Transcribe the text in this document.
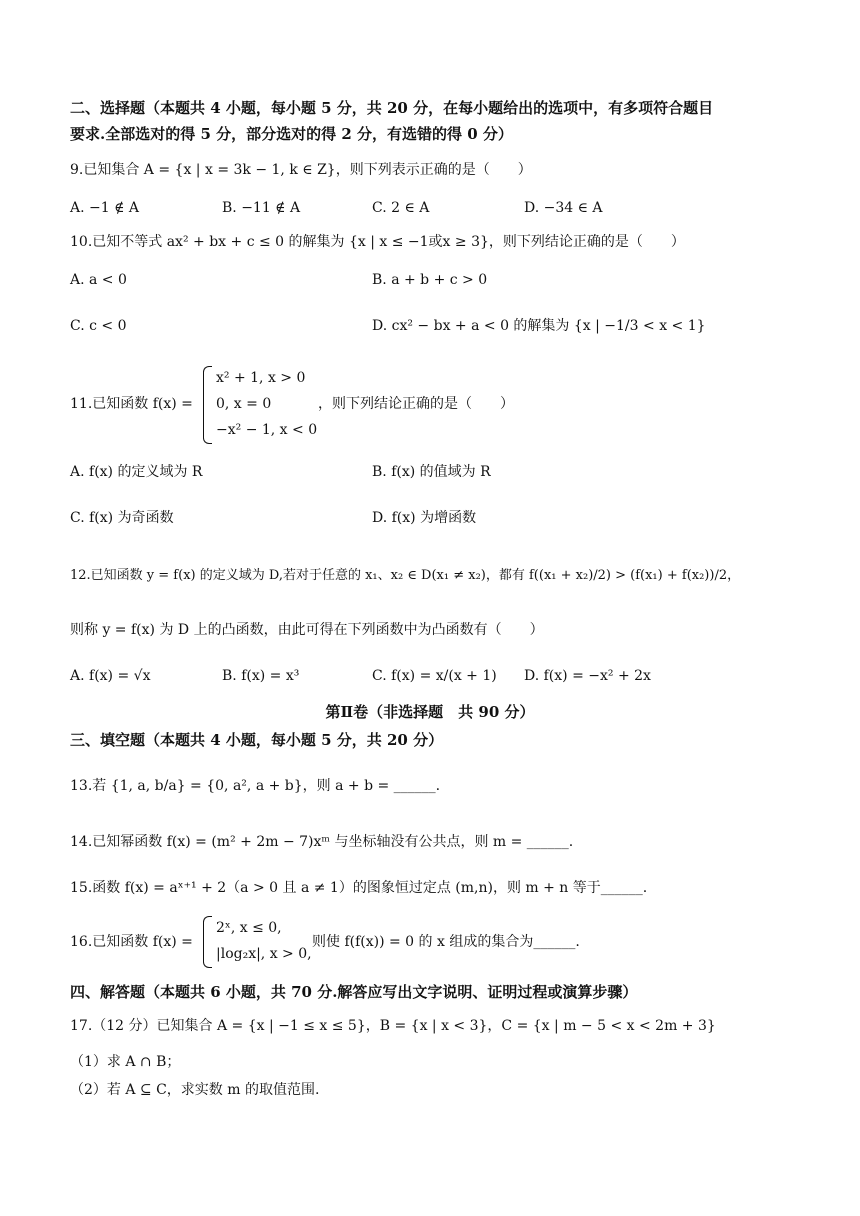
二、选择题（本题共 4 小题，每小题 5 分，共 20 分，在每小题给出的选项中，有多项符合题目
要求.全部选对的得 5 分，部分选对的得 2 分，有选错的得 0 分）
9.已知集合 A = {x | x = 3k − 1, k ∈ Z}，则下列表示正确的是（　　）
A. −1 ∉ A	B. −11 ∉ A	C. 2 ∈ A	D. −34 ∈ A
10.已知不等式 ax² + bx + c ≤ 0 的解集为 {x | x ≤ −1或x ≥ 3}，则下列结论正确的是（　　）
A. a < 0	B. a + b + c > 0
C. c < 0	D. cx² − bx + a < 0 的解集为 {x | −1/3 < x < 1}
11.已知函数 f(x) =
x² + 1, x > 0
0, x = 0
−x² − 1, x < 0
，则下列结论正确的是（　　）
A. f(x) 的定义域为 R	B. f(x) 的值域为 R
C. f(x) 为奇函数	D. f(x) 为增函数
12.已知函数 y = f(x) 的定义域为 D,若对于任意的 x₁、x₂ ∈ D(x₁ ≠ x₂)，都有 f((x₁ + x₂)/2) > (f(x₁) + f(x₂))/2，
则称 y = f(x) 为 D 上的凸函数，由此可得在下列函数中为凸函数有（　　）
A. f(x) = √x	B. f(x) = x³	C. f(x) = x/(x + 1) D. f(x) = −x² + 2x
第Ⅱ卷（非选择题　共 90 分）
三、填空题（本题共 4 小题，每小题 5 分，共 20 分）
13.若 {1, a, b/a} = {0, a², a + b}，则 a + b = ______.
14.已知幂函数 f(x) = (m² + 2m − 7)xᵐ 与坐标轴没有公共点，则 m = ______.
15.函数 f(x) = aˣ⁺¹ + 2（a > 0 且 a ≠ 1）的图象恒过定点 (m,n)，则 m + n 等于______.
16.已知函数 f(x) =
2ˣ, x ≤ 0,
|log₂x|, x > 0,
则使 f(f(x)) = 0 的 x 组成的集合为______.
四、解答题（本题共 6 小题，共 70 分.解答应写出文字说明、证明过程或演算步骤）
17.（12 分）已知集合 A = {x | −1 ≤ x ≤ 5}，B = {x | x < 3}，C = {x | m − 5 < x < 2m + 3}
（1）求 A ∩ B；
（2）若 A ⊆ C，求实数 m 的取值范围.
